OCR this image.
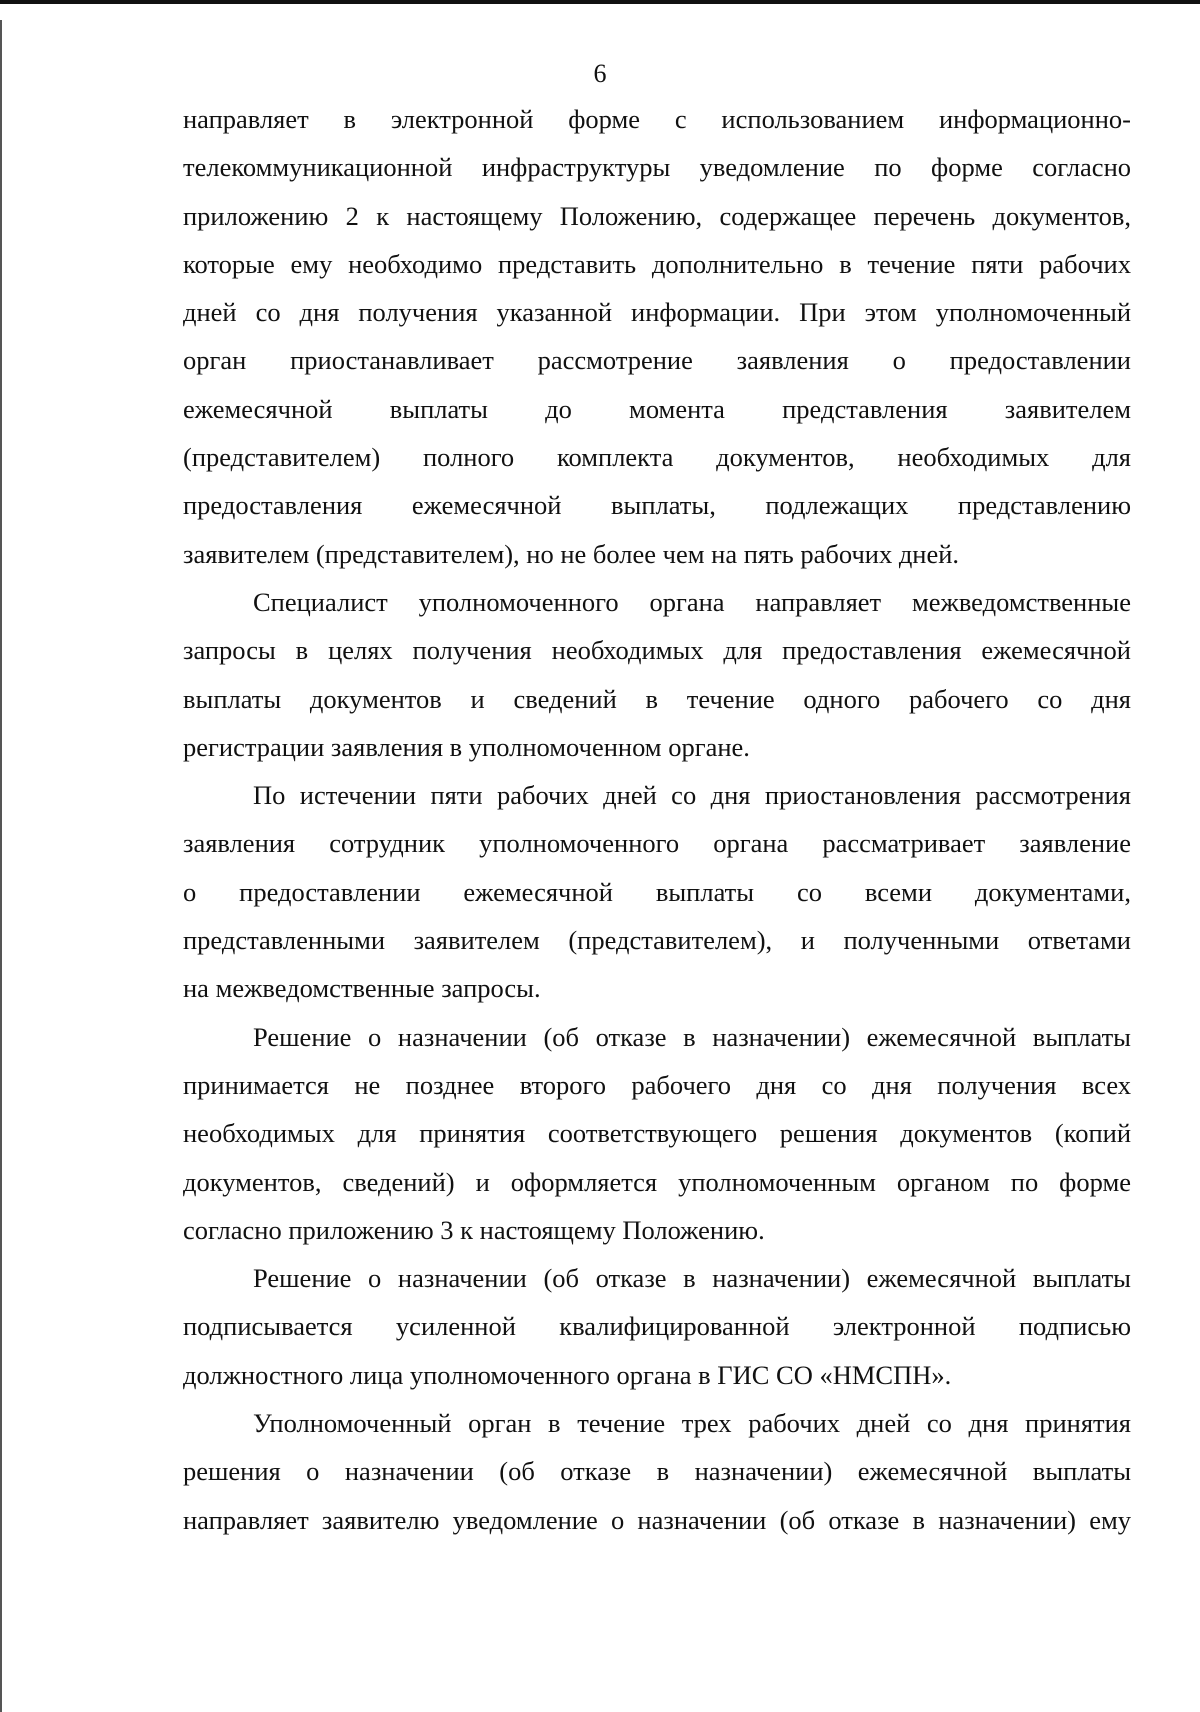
6
направляет в электронной форме с использованием информационно-
телекоммуникационной инфраструктуры уведомление по форме согласно
приложению 2 к настоящему Положению, содержащее перечень документов,
которые ему необходимо представить дополнительно в течение пяти рабочих
дней со дня получения указанной информации. При этом уполномоченный
орган приостанавливает рассмотрение заявления о предоставлении
ежемесячной выплаты до момента представления заявителем
(представителем) полного комплекта документов, необходимых для
предоставления ежемесячной выплаты, подлежащих представлению
заявителем (представителем), но не более чем на пять рабочих дней.
Специалист уполномоченного органа направляет межведомственные
запросы в целях получения необходимых для предоставления ежемесячной
выплаты документов и сведений в течение одного рабочего со дня
регистрации заявления в уполномоченном органе.
По истечении пяти рабочих дней со дня приостановления рассмотрения
заявления сотрудник уполномоченного органа рассматривает заявление
о предоставлении ежемесячной выплаты со всеми документами,
представленными заявителем (представителем), и полученными ответами
на межведомственные запросы.
Решение о назначении (об отказе в назначении) ежемесячной выплаты
принимается не позднее второго рабочего дня со дня получения всех
необходимых для принятия соответствующего решения документов (копий
документов, сведений) и оформляется уполномоченным органом по форме
согласно приложению 3 к настоящему Положению.
Решение о назначении (об отказе в назначении) ежемесячной выплаты
подписывается усиленной квалифицированной электронной подписью
должностного лица уполномоченного органа в ГИС СО «НМСПН».
Уполномоченный орган в течение трех рабочих дней со дня принятия
решения о назначении (об отказе в назначении) ежемесячной выплаты
направляет заявителю уведомление о назначении (об отказе в назначении) ему
